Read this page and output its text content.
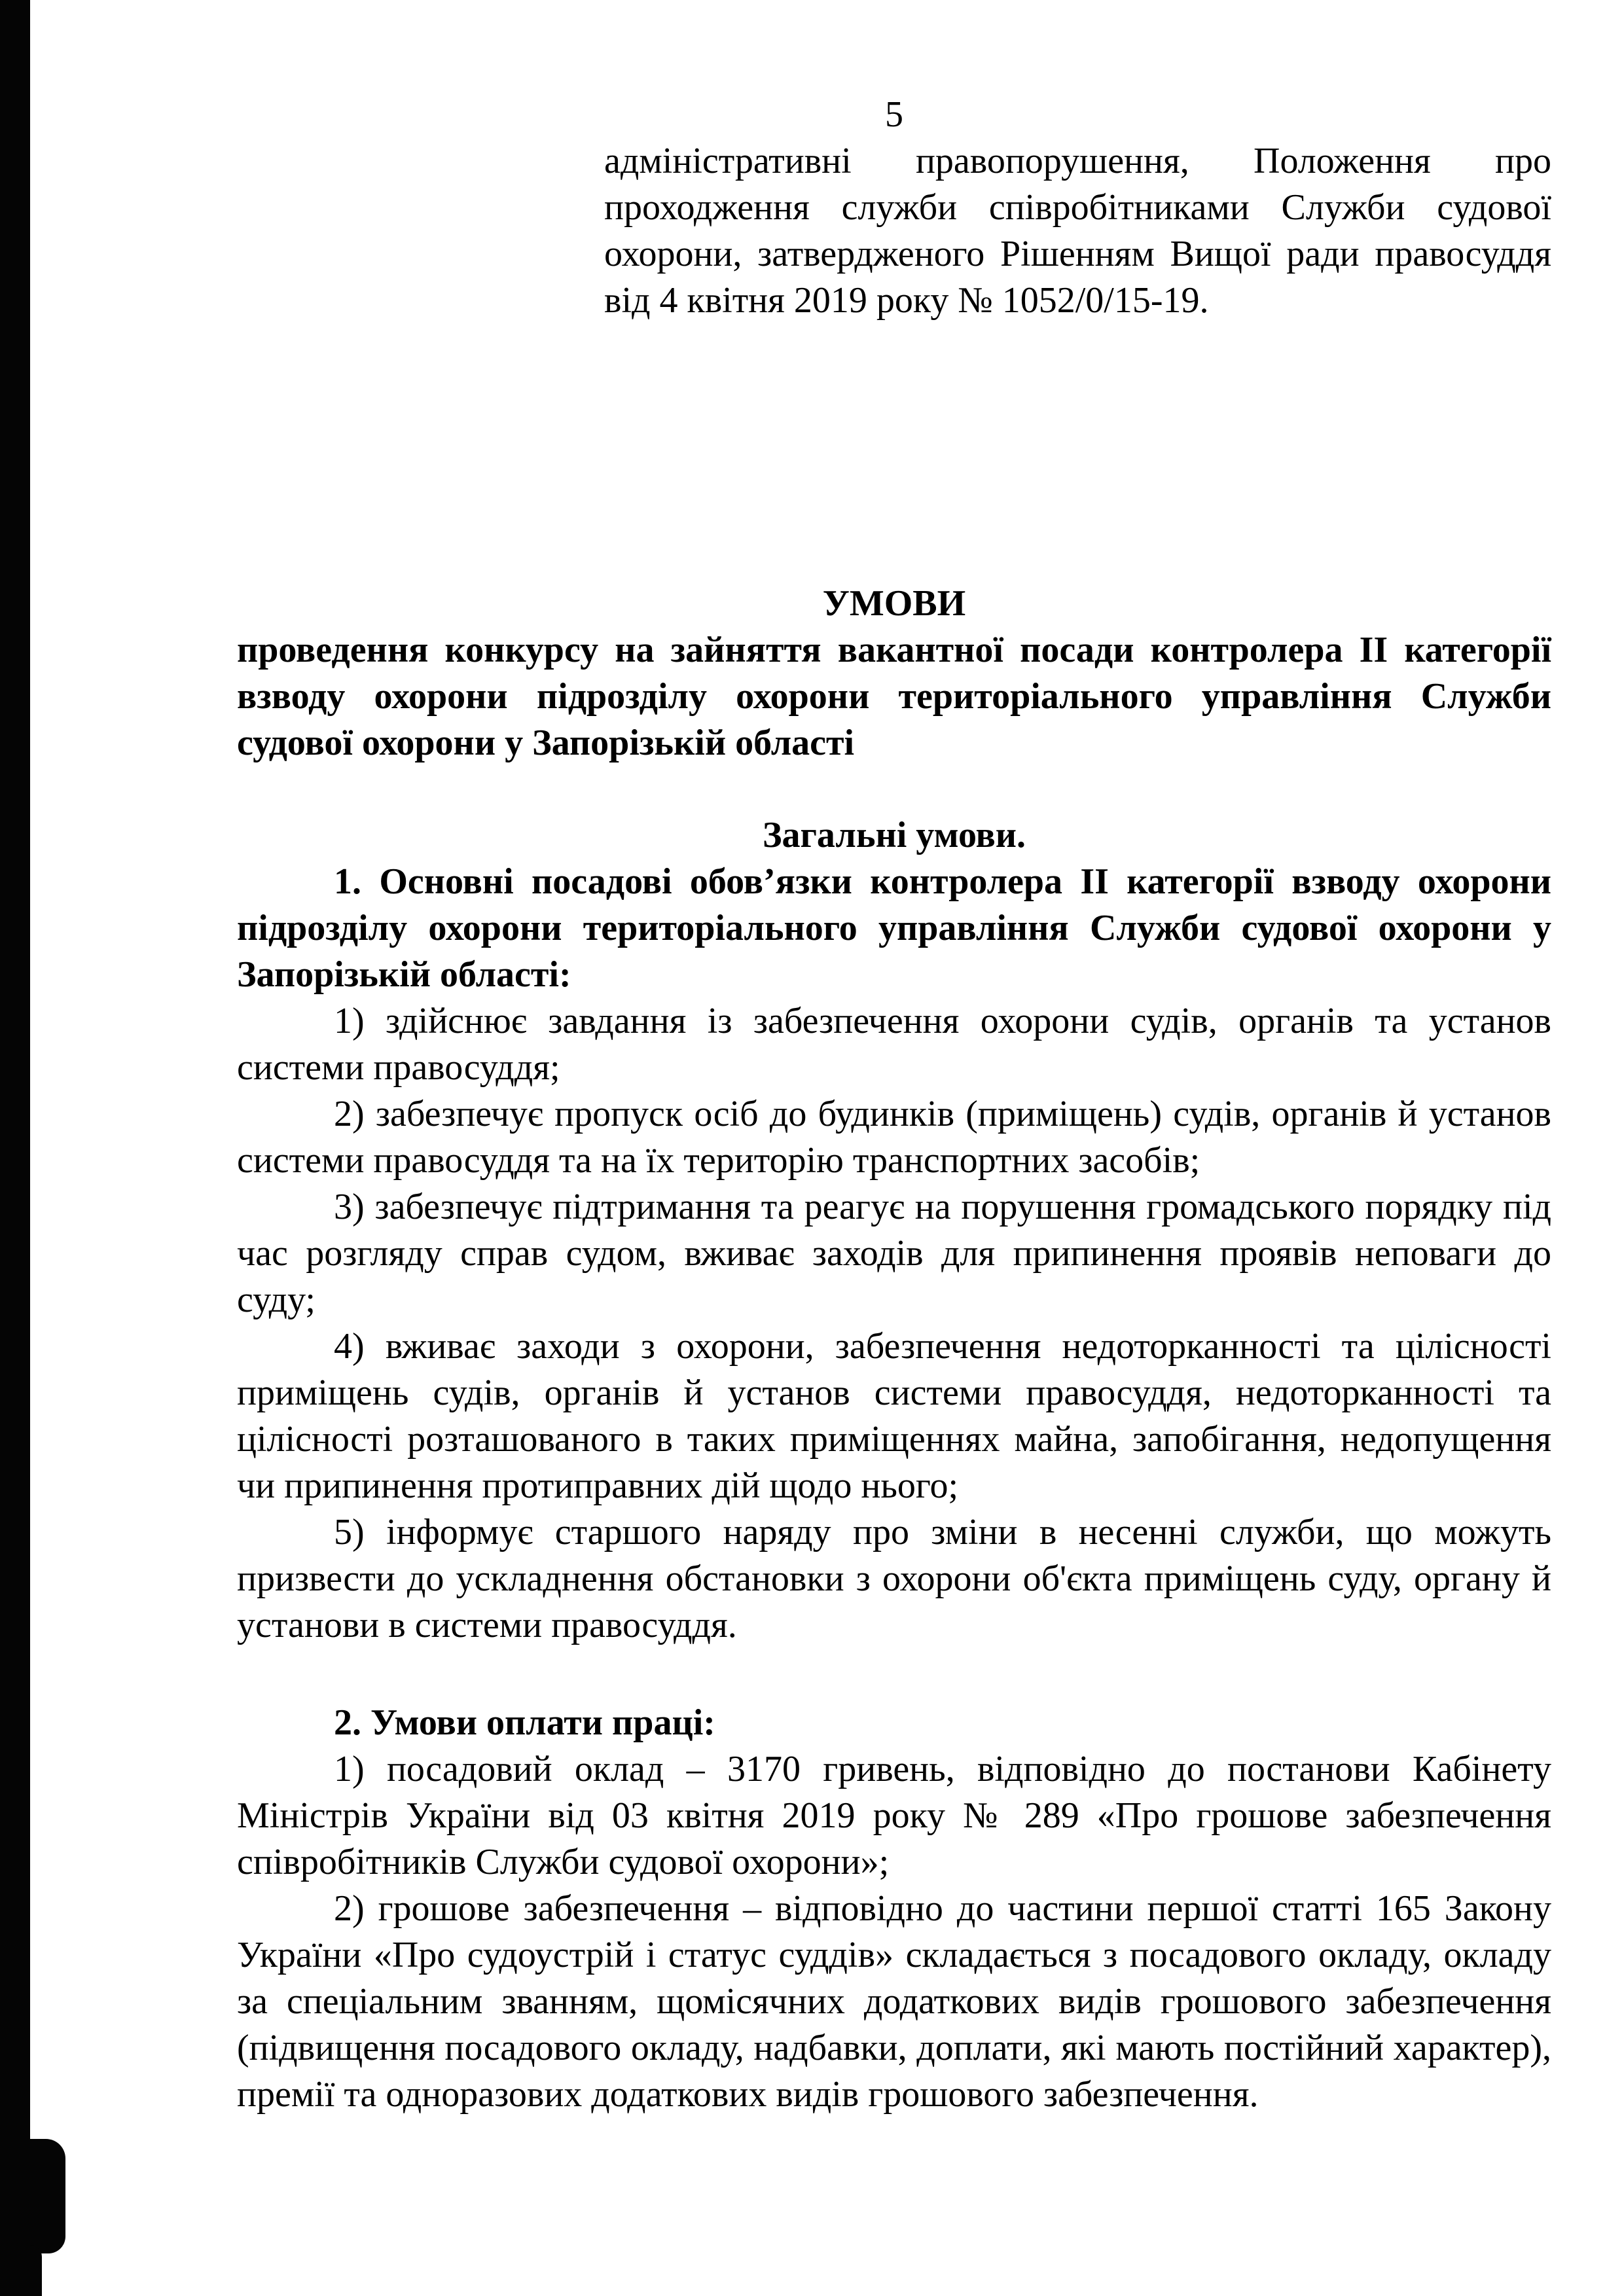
5

адміністративні правопорушення, Положення про проходження служби співробітниками Служби судової охорони, затвердженого Рішенням Вищої ради правосуддя від 4 квітня 2019 року № 1052/0/15-19.

УМОВИ

проведення конкурсу на зайняття вакантної посади контролера ІІ категорії взводу охорони підрозділу охорони територіального управління Служби судової охорони у Запорізькій області

Загальні умови.

1. Основні посадові обов’язки контролера ІІ категорії взводу охорони підрозділу охорони територіального управління Служби судової охорони у Запорізькій області:

1) здійснює завдання із забезпечення охорони судів, органів та установ системи правосуддя;

2) забезпечує пропуск осіб до будинків (приміщень) судів, органів й установ системи правосуддя та на їх територію транспортних засобів;

3) забезпечує підтримання та реагує на порушення громадського порядку під час розгляду справ судом, вживає заходів для припинення проявів неповаги до суду;

4) вживає заходи з охорони, забезпечення недоторканності та цілісності приміщень судів, органів й установ системи правосуддя, недоторканності та цілісності розташованого в таких приміщеннях майна, запобігання, недопущення чи припинення протиправних дій щодо нього;

5) інформує старшого наряду про зміни в несенні служби, що можуть призвести до ускладнення обстановки з охорони об'єкта приміщень суду, органу й установи в системи правосуддя.

2. Умови оплати праці:

1) посадовий оклад – 3170 гривень, відповідно до постанови Кабінету Міністрів України від 03 квітня 2019 року № 289 «Про грошове забезпечення співробітників Служби судової охорони»;

2) грошове забезпечення – відповідно до частини першої статті 165 Закону України «Про судоустрій і статус суддів» складається з посадового окладу, окладу за спеціальним званням, щомісячних додаткових видів грошового забезпечення (підвищення посадового окладу, надбавки, доплати, які мають постійний характер), премії та одноразових додаткових видів грошового забезпечення.
